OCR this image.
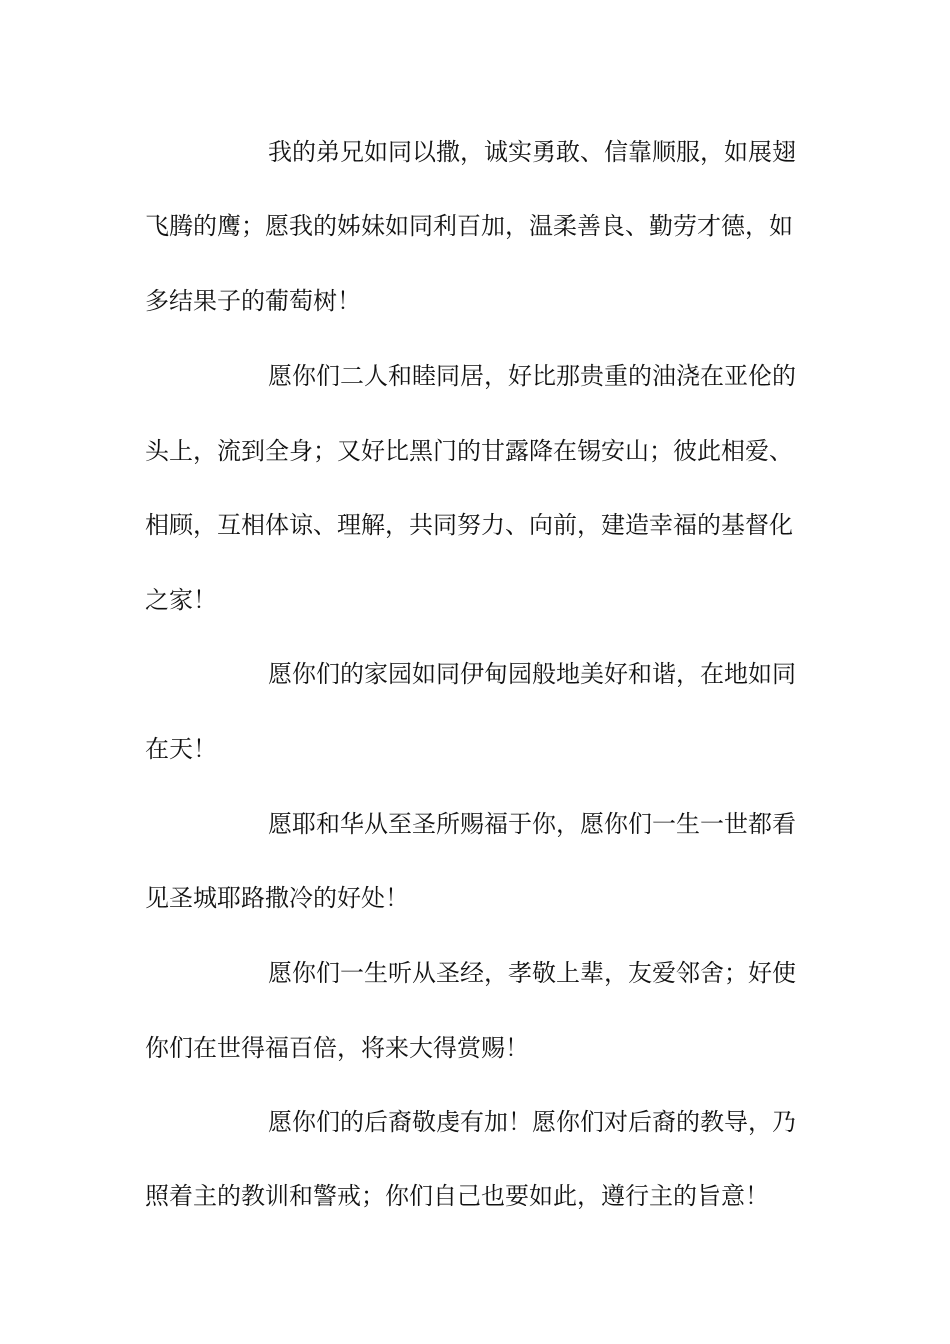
我的弟兄如同以撒，诚实勇敢、信靠顺服，如展翅
飞腾的鹰；愿我的姊妹如同利百加，温柔善良、勤劳才德，如
多结果子的葡萄树！
愿你们二人和睦同居，好比那贵重的油浇在亚伦的
头上，流到全身；又好比黑门的甘露降在锡安山；彼此相爱、
相顾，互相体谅、理解，共同努力、向前，建造幸福的基督化
之家！
愿你们的家园如同伊甸园般地美好和谐，在地如同
在天！
愿耶和华从至圣所赐福于你，愿你们一生一世都看
见圣城耶路撒冷的好处！
愿你们一生听从圣经，孝敬上辈，友爱邻舍；好使
你们在世得福百倍，将来大得赏赐！
愿你们的后裔敬虔有加！愿你们对后裔的教导，乃
照着主的教训和警戒；你们自己也要如此，遵行主的旨意！
